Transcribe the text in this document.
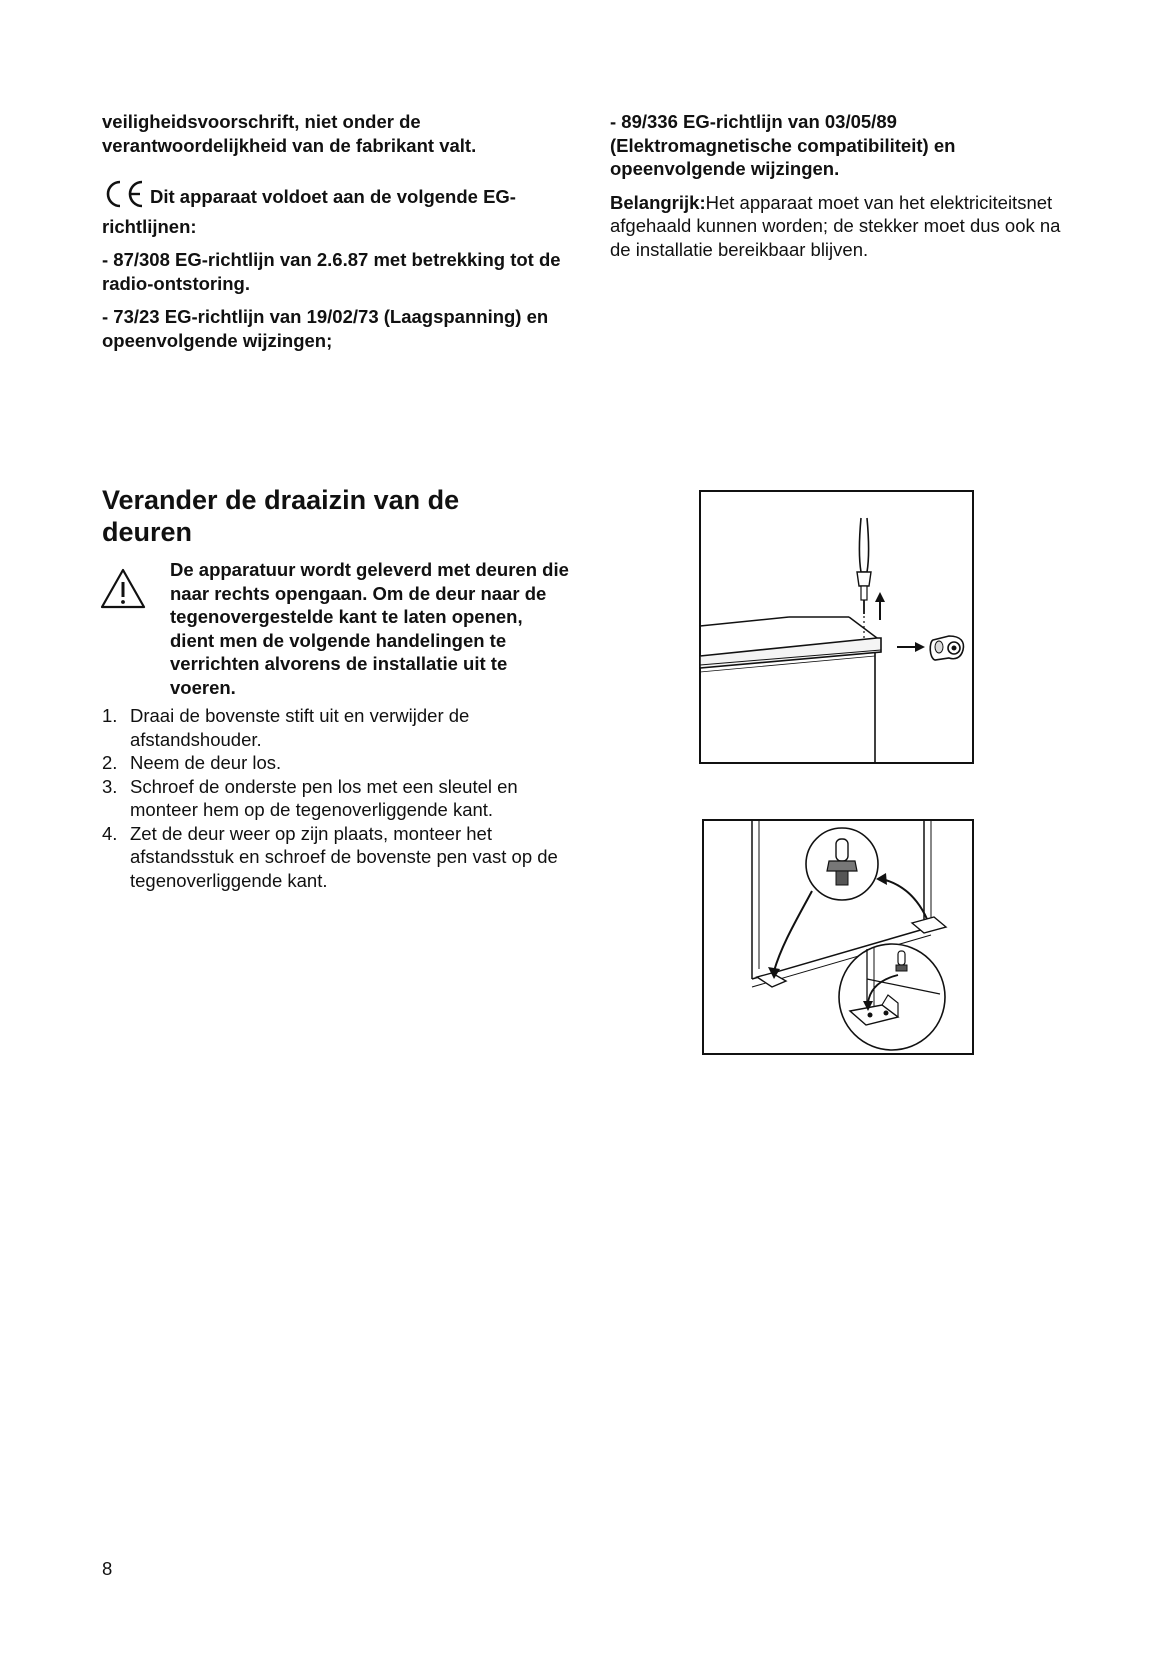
veiligheidsvoorschrift, niet onder de verantwoordelijkheid van de fabrikant valt.

Dit apparaat voldoet aan de volgende EG-richtlijnen:

- 87/308 EG-richtlijn van 2.6.87 met betrekking tot de radio-ontstoring.

- 73/23 EG-richtlijn van 19/02/73 (Laagspanning) en opeenvolgende wijzingen;

- 89/336 EG-richtlijn van 03/05/89 (Elektromagnetische compatibiliteit) en opeenvolgende wijzingen.

Belangrijk:Het apparaat moet van het elektriciteitsnet afgehaald kunnen worden; de stekker moet dus ook na de installatie bereikbaar blijven.

Verander de draaizin van de deuren
De apparatuur wordt geleverd met deuren die naar rechts opengaan. Om de deur naar de tegenovergestelde kant te laten openen, dient men de volgende handelingen te verrichten alvorens de installatie uit te voeren.
1. Draai de bovenste stift uit en verwijder de afstandshouder.
2. Neem de deur los.
3. Schroef de onderste pen los met een sleutel en monteer hem op de tegenoverliggende kant.
4. Zet de deur weer op zijn plaats, monteer het afstandsstuk en schroef de bovenste pen vast op de tegenoverliggende kant.
8
